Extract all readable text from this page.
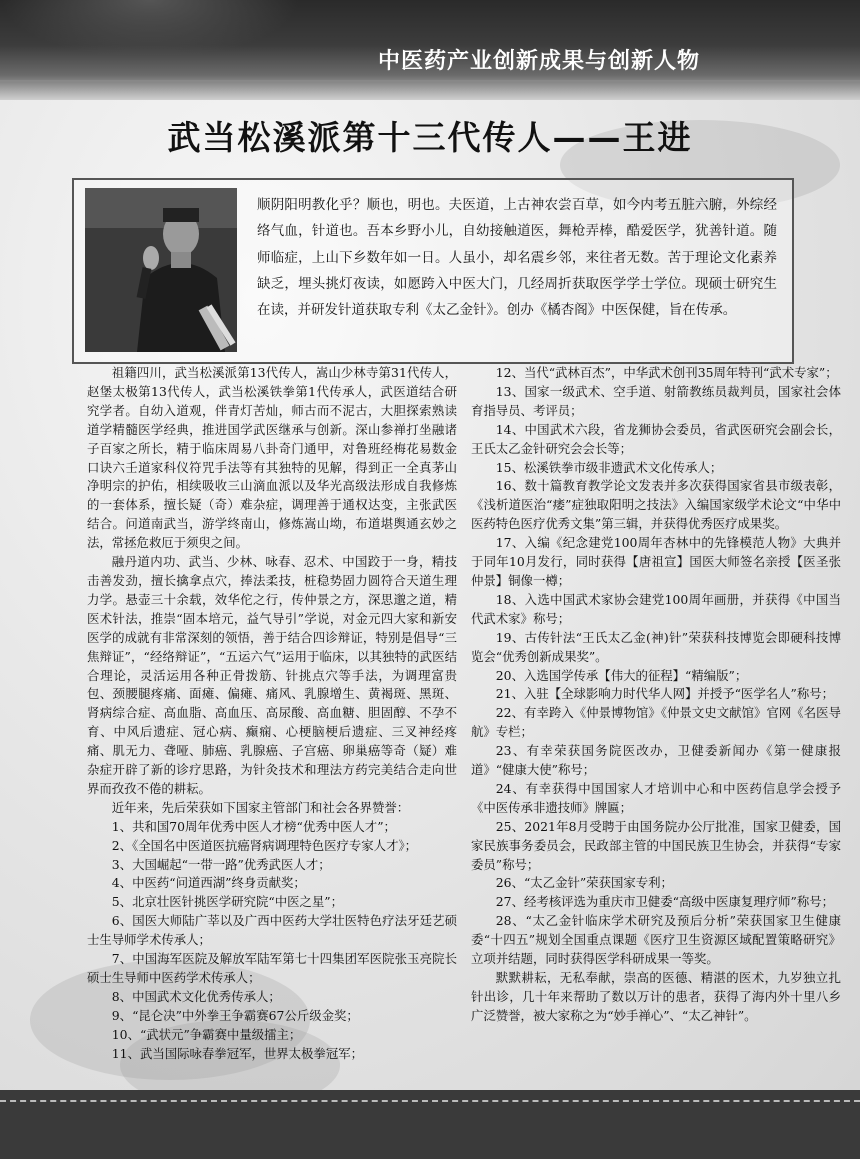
中医药产业创新成果与创新人物
武当松溪派第十三代传人——王进
顺阴阳明教化乎？顺也，明也。夫医道，上古神农尝百草，如今内考五脏六腑，外综经络气血，针道也。吾本乡野小儿，自幼接触道医，舞枪弄棒，酷爱医学，犹善针道。随师临症，上山下乡数年如一日。人虽小，却名震乡邻，来往者无数。苦于理论文化素养缺乏，埋头挑灯夜读，如愿跨入中医大门，几经周折获取医学学士学位。现硕士研究生在读，并研发针道获取专利《太乙金针》。创办《橘杏阁》中医保健，旨在传承。

祖籍四川，武当松溪派第13代传人，嵩山少林寺第31代传人，赵堡太极第13代传人，武当松溪铁拳第1代传承人，武医道结合研究学者。自幼入道观，伴青灯苦灿，师古而不泥古，大胆探索熟读道学精髓医学经典，推进国学武医继承与创新。深山参禅打坐融诸子百家之所长，精于临床周易八卦奇门通甲，对鲁班经梅花易数金口诀六壬道家科仪符咒手法等有其独特的见解，得到正一全真茅山净明宗的护佑，相续吸收三山滴血派以及华光高级法形成自我修炼的一套体系，擅长疑（奇）难杂症，调理善于通权达变，主张武医结合。问道南武当，游学终南山，修炼嵩山坳，布道堪舆通玄妙之法，常拯危救厄于须臾之间。

融丹道内功、武当、少林、咏春、忍术、中国跤于一身，精技击善发劲，擅长擒拿点穴，捧法柔技，桩稳势固力圆符合天道生理力学。悬壶三十余载，效华佗之行，传仲景之方，深思邈之道，精医术针法，推崇“固本培元，益气导引”学说，对金元四大家和新安医学的成就有非常深刻的领悟，善于结合四诊辩证，特别是倡导“三焦辩证”，“经络辩证”，“五运六气”运用于临床，以其独特的武医结合理论，灵活运用各种正骨拨筋、针挑点穴等手法，为调理富贵包、颈腰腿疼痛、面瘫、偏瘫、痛风、乳腺增生、黄褐斑、黑斑、肾病综合症、高血脂、高血压、高尿酸、高血糖、胆固醇、不孕不育、中风后遗症、冠心病、癫痫、心梗脑梗后遗症、三叉神经疼痛、肌无力、聋哑、肺癌、乳腺癌、子宫癌、卵巢癌等奇（疑）难杂症开辟了新的诊疗思路，为针灸技术和理法方药完美结合走向世界而孜孜不倦的耕耘。

近年来，先后荣获如下国家主管部门和社会各界赞誉：

1、共和国70周年优秀中医人才榜“优秀中医人才”；

2、《全国名中医道医抗癌肾病调理特色医疗专家人才》；

3、大国崛起“一带一路”优秀武医人才；

4、中医药“问道西湖”终身贡献奖；

5、北京壮医针挑医学研究院“中医之星”；

6、国医大师陆广莘以及广西中医药大学壮医特色疗法牙廷艺硕士生导师学术传承人；

7、中国海军医院及解放军陆军第七十四集团军医院张玉亮院长硕士生导师中医药学术传承人；

8、中国武术文化优秀传承人；

9、“昆仑决”中外拳王争霸赛67公斤级金奖；

10、“武状元”争霸赛中量级擂主；

11、武当国际咏春拳冠军，世界太极拳冠军；

12、当代“武林百杰”，中华武术创刊35周年特刊“武术专家”；

13、国家一级武术、空手道、射箭教练员裁判员，国家社会体育指导员、考评员；

14、中国武术六段，省龙狮协会委员，省武医研究会副会长，王氏太乙金针研究会会长等；

15、松溪铁拳市级非遗武术文化传承人；

16、数十篇教育教学论文发表并多次获得国家省县市级表彰，《浅析道医治“痿”症独取阳明之技法》入编国家级学术论文“中华中医药特色医疗优秀文集”第三辑，并获得优秀医疗成果奖。

17、入编《纪念建党100周年杏林中的先锋模范人物》大典并于同年10月发行，同时获得【唐祖宣】国医大师签名亲授【医圣张仲景】铜像一樽；

18、入选中国武术家协会建党100周年画册，并获得《中国当代武术家》称号；

19、古传针法“王氏太乙金(神)针”荣获科技博览会即硬科技博览会“优秀创新成果奖”。

20、入选国学传承【伟大的征程】“精编版”；

21、入驻【全球影响力时代华人网】并授予“医学名人”称号；

22、有幸跨入《仲景博物馆》《仲景文史文献馆》官网《名医导航》专栏；

23、有幸荣获国务院医改办，卫健委新闻办《第一健康报道》“健康大使”称号；

24、有幸获得中国国家人才培训中心和中医药信息学会授予《中医传承非遗技师》牌匾；

25、2021年8月受聘于由国务院办公厅批准，国家卫健委，国家民族事务委员会，民政部主管的中国民族卫生协会，并获得“专家委员”称号；

26、“太乙金针”荣获国家专利；

27、经考核评选为重庆市卫健委“高级中医康复理疗师”称号；

28、“太乙金针临床学术研究及预后分析”荣获国家卫生健康委“十四五”规划全国重点课题《医疗卫生资源区域配置策略研究》立项并结题，同时获得医学科研成果一等奖。

默默耕耘，无私奉献，崇高的医德、精湛的医术，九岁独立扎针出诊，几十年来帮助了数以万计的患者，获得了海内外十里八乡广泛赞誉，被大家称之为“妙手禅心”、“太乙神针”。
